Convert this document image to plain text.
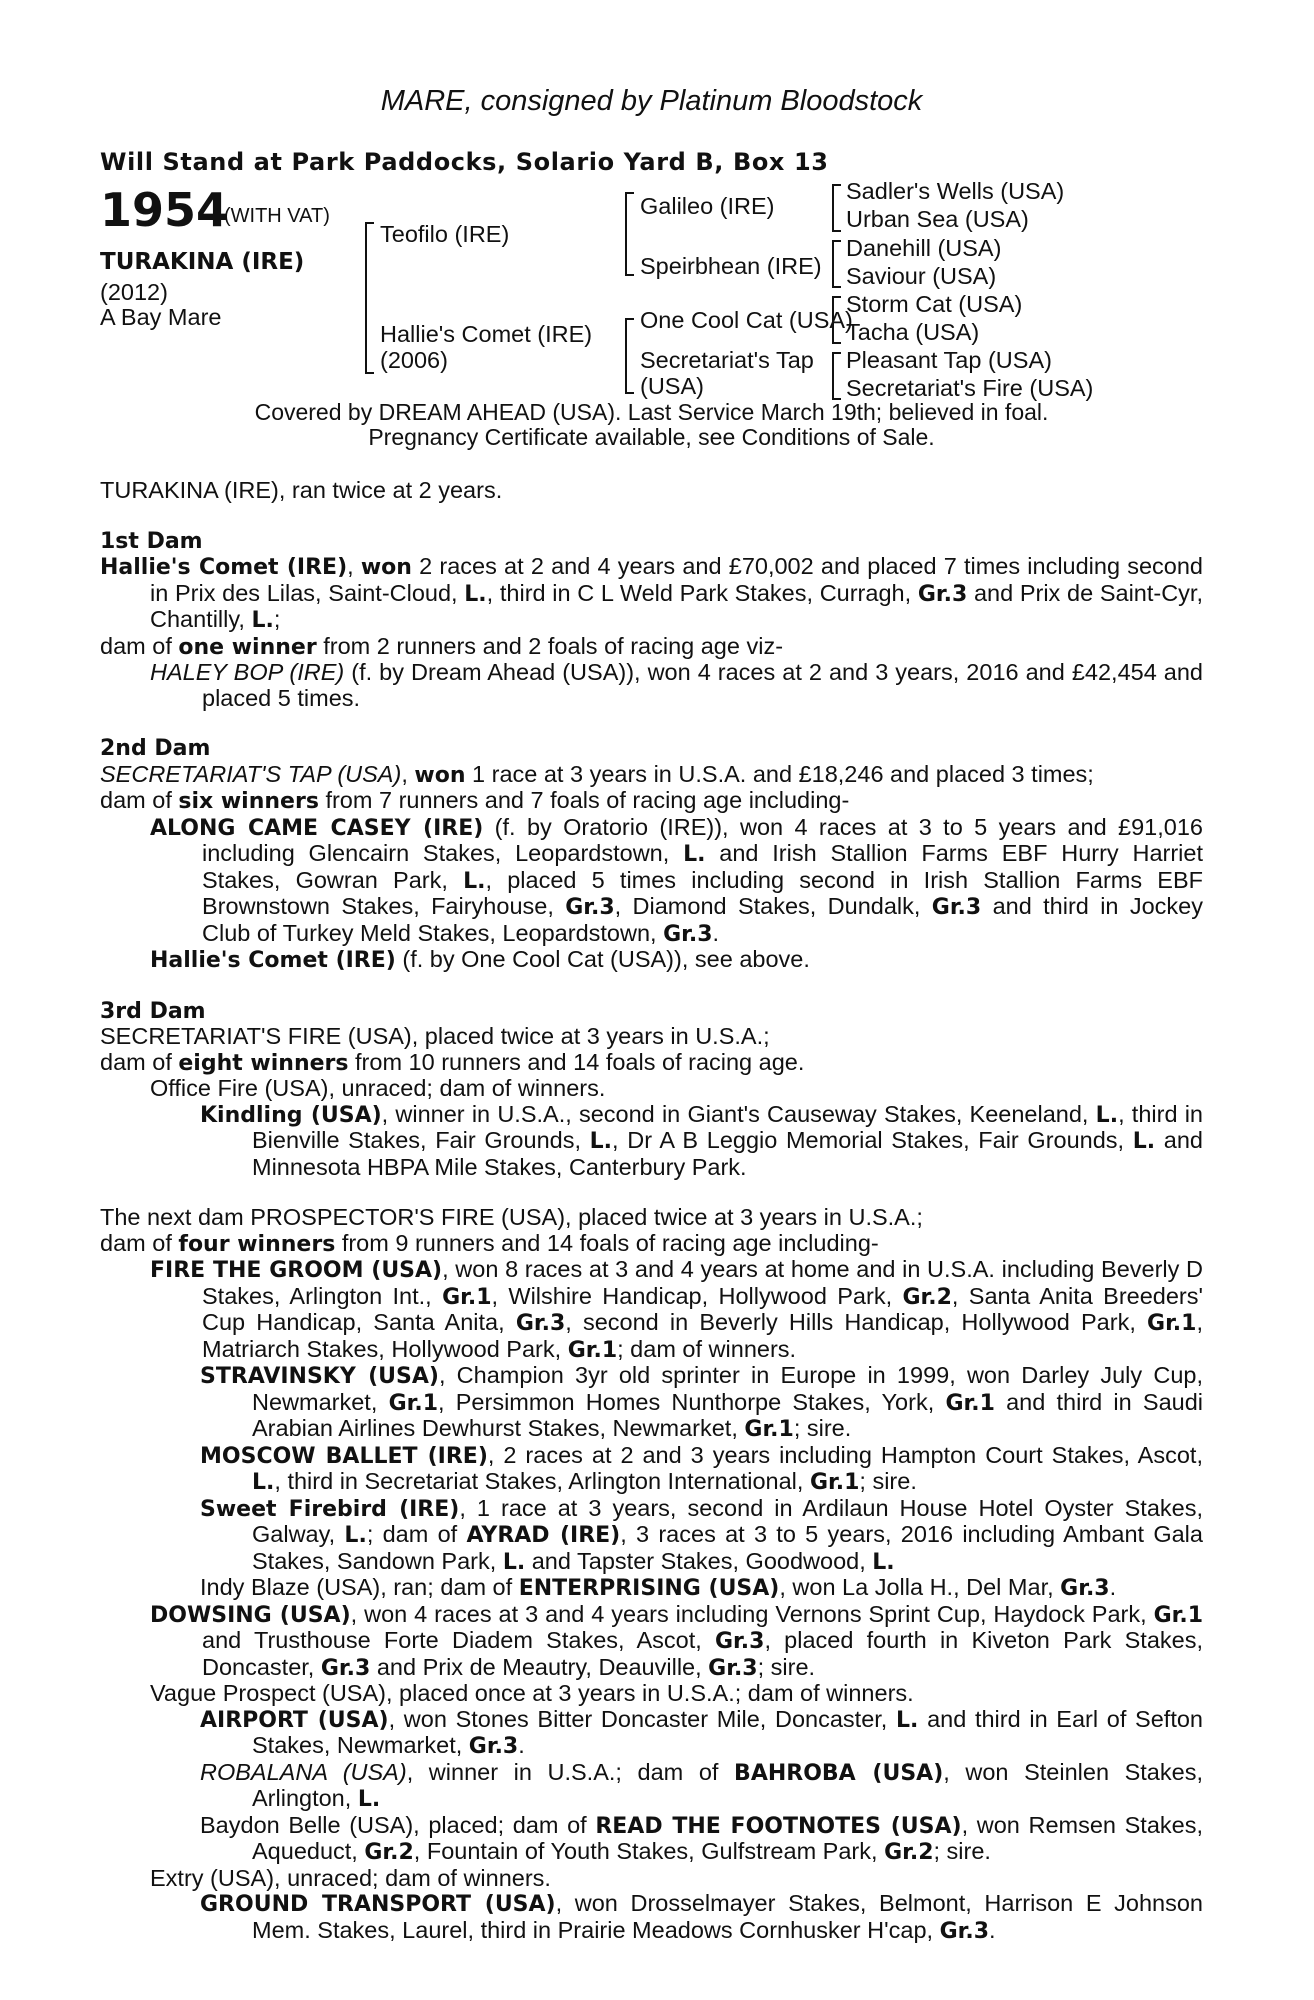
MARE, consigned by Platinum Bloodstock
Will Stand at Park Paddocks, Solario Yard B, Box 13
1954
(WITH VAT)
TURAKINA (IRE)
(2012)
A Bay Mare
Teofilo (IRE)
Hallie's Comet (IRE)
(2006)
Galileo (IRE)
Speirbhean (IRE)
One Cool Cat (USA)
Secretariat's Tap
(USA)
Sadler's Wells (USA)
Urban Sea (USA)
Danehill (USA)
Saviour (USA)
Storm Cat (USA)
Tacha (USA)
Pleasant Tap (USA)
Secretariat's Fire (USA)
Covered by DREAM AHEAD (USA). Last Service March 19th; believed in foal.
Pregnancy Certificate available, see Conditions of Sale.

TURAKINA (IRE), ran twice at 2 years.

1st Dam

Hallie's Comet (IRE), won 2 races at 2 and 4 years and £70,002 and placed 7 times including second in Prix des Lilas, Saint-Cloud, L., third in C L Weld Park Stakes, Curragh, Gr.3 and Prix de Saint-Cyr, Chantilly, L.;

dam of one winner from 2 runners and 2 foals of racing age viz-

HALEY BOP (IRE) (f. by Dream Ahead (USA)), won 4 races at 2 and 3 years, 2016 and £42,454 and placed 5 times.

2nd Dam

SECRETARIAT'S TAP (USA), won 1 race at 3 years in U.S.A. and £18,246 and placed 3 times;

dam of six winners from 7 runners and 7 foals of racing age including-

ALONG CAME CASEY (IRE) (f. by Oratorio (IRE)), won 4 races at 3 to 5 years and £91,016 including Glencairn Stakes, Leopardstown, L. and Irish Stallion Farms EBF Hurry Harriet Stakes, Gowran Park, L., placed 5 times including second in Irish Stallion Farms EBF Brownstown Stakes, Fairyhouse, Gr.3, Diamond Stakes, Dundalk, Gr.3 and third in Jockey Club of Turkey Meld Stakes, Leopardstown, Gr.3.

Hallie's Comet (IRE) (f. by One Cool Cat (USA)), see above.

3rd Dam

SECRETARIAT'S FIRE (USA), placed twice at 3 years in U.S.A.;

dam of eight winners from 10 runners and 14 foals of racing age.

Office Fire (USA), unraced; dam of winners.

Kindling (USA), winner in U.S.A., second in Giant's Causeway Stakes, Keeneland, L., third in Bienville Stakes, Fair Grounds, L., Dr A B Leggio Memorial Stakes, Fair Grounds, L. and Minnesota HBPA Mile Stakes, Canterbury Park.

The next dam PROSPECTOR'S FIRE (USA), placed twice at 3 years in U.S.A.;

dam of four winners from 9 runners and 14 foals of racing age including-

FIRE THE GROOM (USA), won 8 races at 3 and 4 years at home and in U.S.A. including Beverly D Stakes, Arlington Int., Gr.1, Wilshire Handicap, Hollywood Park, Gr.2, Santa Anita Breeders' Cup Handicap, Santa Anita, Gr.3, second in Beverly Hills Handicap, Hollywood Park, Gr.1, Matriarch Stakes, Hollywood Park, Gr.1; dam of winners.

STRAVINSKY (USA), Champion 3yr old sprinter in Europe in 1999, won Darley July Cup, Newmarket, Gr.1, Persimmon Homes Nunthorpe Stakes, York, Gr.1 and third in Saudi Arabian Airlines Dewhurst Stakes, Newmarket, Gr.1; sire.

MOSCOW BALLET (IRE), 2 races at 2 and 3 years including Hampton Court Stakes, Ascot, L., third in Secretariat Stakes, Arlington International, Gr.1; sire.

Sweet Firebird (IRE), 1 race at 3 years, second in Ardilaun House Hotel Oyster Stakes, Galway, L.; dam of AYRAD (IRE), 3 races at 3 to 5 years, 2016 including Ambant Gala Stakes, Sandown Park, L. and Tapster Stakes, Goodwood, L.

Indy Blaze (USA), ran; dam of ENTERPRISING (USA), won La Jolla H., Del Mar, Gr.3.

DOWSING (USA), won 4 races at 3 and 4 years including Vernons Sprint Cup, Haydock Park, Gr.1 and Trusthouse Forte Diadem Stakes, Ascot, Gr.3, placed fourth in Kiveton Park Stakes, Doncaster, Gr.3 and Prix de Meautry, Deauville, Gr.3; sire.

Vague Prospect (USA), placed once at 3 years in U.S.A.; dam of winners.

AIRPORT (USA), won Stones Bitter Doncaster Mile, Doncaster, L. and third in Earl of Sefton Stakes, Newmarket, Gr.3.

ROBALANA (USA), winner in U.S.A.; dam of BAHROBA (USA), won Steinlen Stakes, Arlington, L.

Baydon Belle (USA), placed; dam of READ THE FOOTNOTES (USA), won Remsen Stakes, Aqueduct, Gr.2, Fountain of Youth Stakes, Gulfstream Park, Gr.2; sire.

Extry (USA), unraced; dam of winners.

GROUND TRANSPORT (USA), won Drosselmayer Stakes, Belmont, Harrison E Johnson Mem. Stakes, Laurel, third in Prairie Meadows Cornhusker H'cap, Gr.3.
